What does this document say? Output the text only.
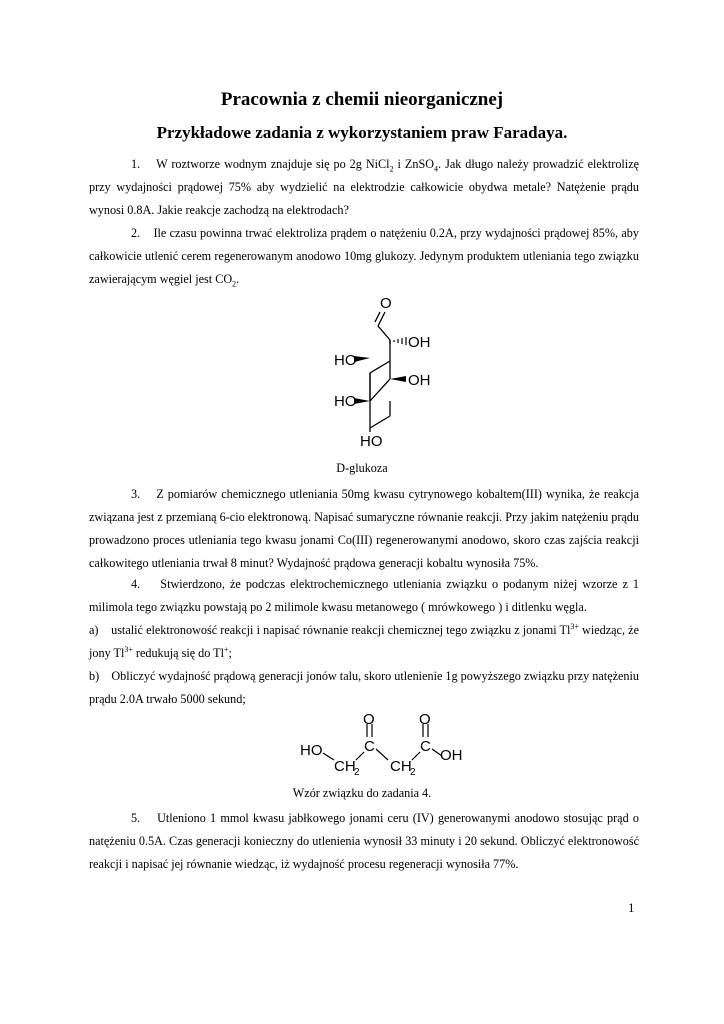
Pracownia z chemii nieorganicznej
Przykładowe zadania z wykorzystaniem praw Faradaya.
1. W roztworze wodnym znajduje się po 2g NiCl$_2$ i ZnSO$_4$. Jak długo należy prowadzić elektrolizę przy wydajności prądowej 75% aby wydzielić na elektrodzie całkowicie obydwa metale? Natężenie prądu wynosi 0.8A. Jakie reakcje zachodzą na elektrodach?
2. Ile czasu powinna trwać elektroliza prądem o natężeniu 0.2A, przy wydajności prądowej 85%, aby całkowicie utlenić cerem regenerowanym anodowo 10mg glukozy. Jedynym produktem utleniania tego związku zawierającym węgiel jest $CO_2$.
O
OH
HO
OH
HO
HO
D-glukoza
3. Z pomiarów chemicznego utleniania 50mg kwasu cytrynowego kobaltem(III) wynika, że reakcja związana jest z przemianą 6-cio elektronową. Napisać sumaryczne równanie reakcji. Przy jakim natężeniu prądu prowadzono proces utleniania tego kwasu jonami Co(III) regenerowanymi anodowo, skoro czas zajścia reakcji całkowitego utleniania trwał 8 minut? Wydajność prądowa generacji kobaltu wynosiła 75%.
4. Stwierdzono, że podczas elektrochemicznego utleniania związku o podanym niżej wzorze z 1 milimola tego związku powstają po 2 milimole kwasu metanowego ( mrówkowego ) i ditlenku węgla.
a) ustalić elektronowość reakcji i napisać równanie reakcji chemicznej tego związku z jonami $Tl^{3+}$ wiedząc, że jony $Tl^{3+}$ redukują się do Tl+;
b) Obliczyć wydajność prądową generacji jonów talu, skoro utlenienie 1g powyższego związku przy natężeniu prądu 2.0A trwało 5000 sekund;
HO
CH
2
C
O
CH
2
C
O
OH
Wzór związku do zadania 4.
5. Utleniono 1 mmol kwasu jabłkowego jonami ceru (IV) generowanymi anodowo stosując prąd o natężeniu 0.5A. Czas generacji konieczny do utlenienia wynosił 33 minuty i 20 sekund. Obliczyć elektronowość reakcji i napisać jej równanie wiedząc, iż wydajność procesu regeneracji wynosiła 77%.
1
